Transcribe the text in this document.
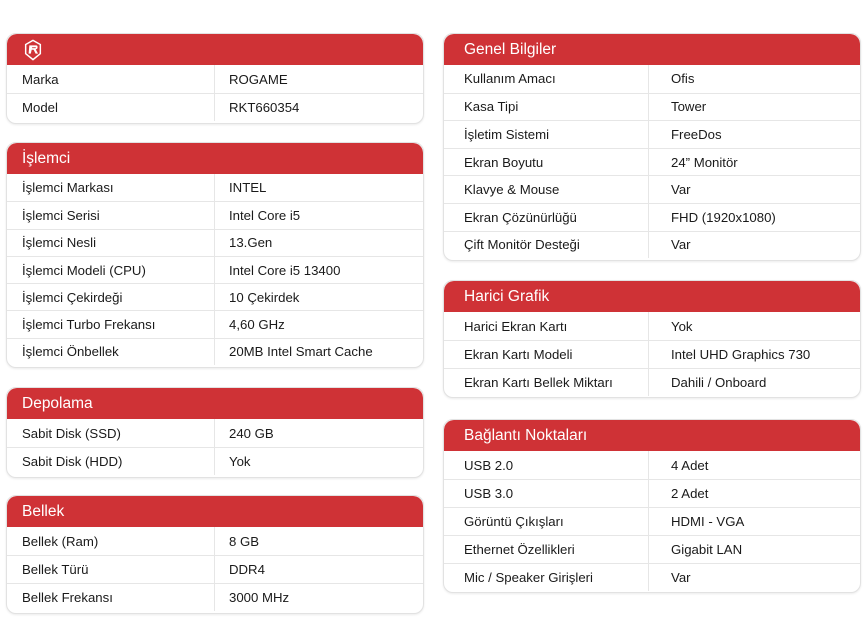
Marka	ROGAME
Model	RKT660354
İşlemci
İşlemci Markası	INTEL
İşlemci Serisi	Intel Core i5
İşlemci Nesli	13.Gen
İşlemci Modeli (CPU)	Intel Core i5 13400
İşlemci Çekirdeği	10 Çekirdek
İşlemci Turbo Frekansı	4,60 GHz
İşlemci Önbellek	20MB Intel Smart Cache
Depolama
Sabit Disk (SSD)	240 GB
Sabit Disk (HDD)	Yok
Bellek
Bellek (Ram)	8 GB
Bellek Türü	DDR4
Bellek Frekansı	3000 MHz
Genel Bilgiler
Kullanım Amacı	Ofis
Kasa Tipi	Tower
İşletim Sistemi	FreeDos
Ekran Boyutu	24” Monitör
Klavye & Mouse	Var
Ekran Çözünürlüğü	FHD (1920x1080)
Çift Monitör Desteği	Var
Harici Grafik
Harici Ekran Kartı	Yok
Ekran Kartı Modeli	Intel UHD Graphics 730
Ekran Kartı Bellek Miktarı	Dahili / Onboard
Bağlantı Noktaları
USB 2.0	4 Adet
USB 3.0	2 Adet
Görüntü Çıkışları	HDMI - VGA
Ethernet Özellikleri	Gigabit LAN
Mic / Speaker Girişleri	Var
